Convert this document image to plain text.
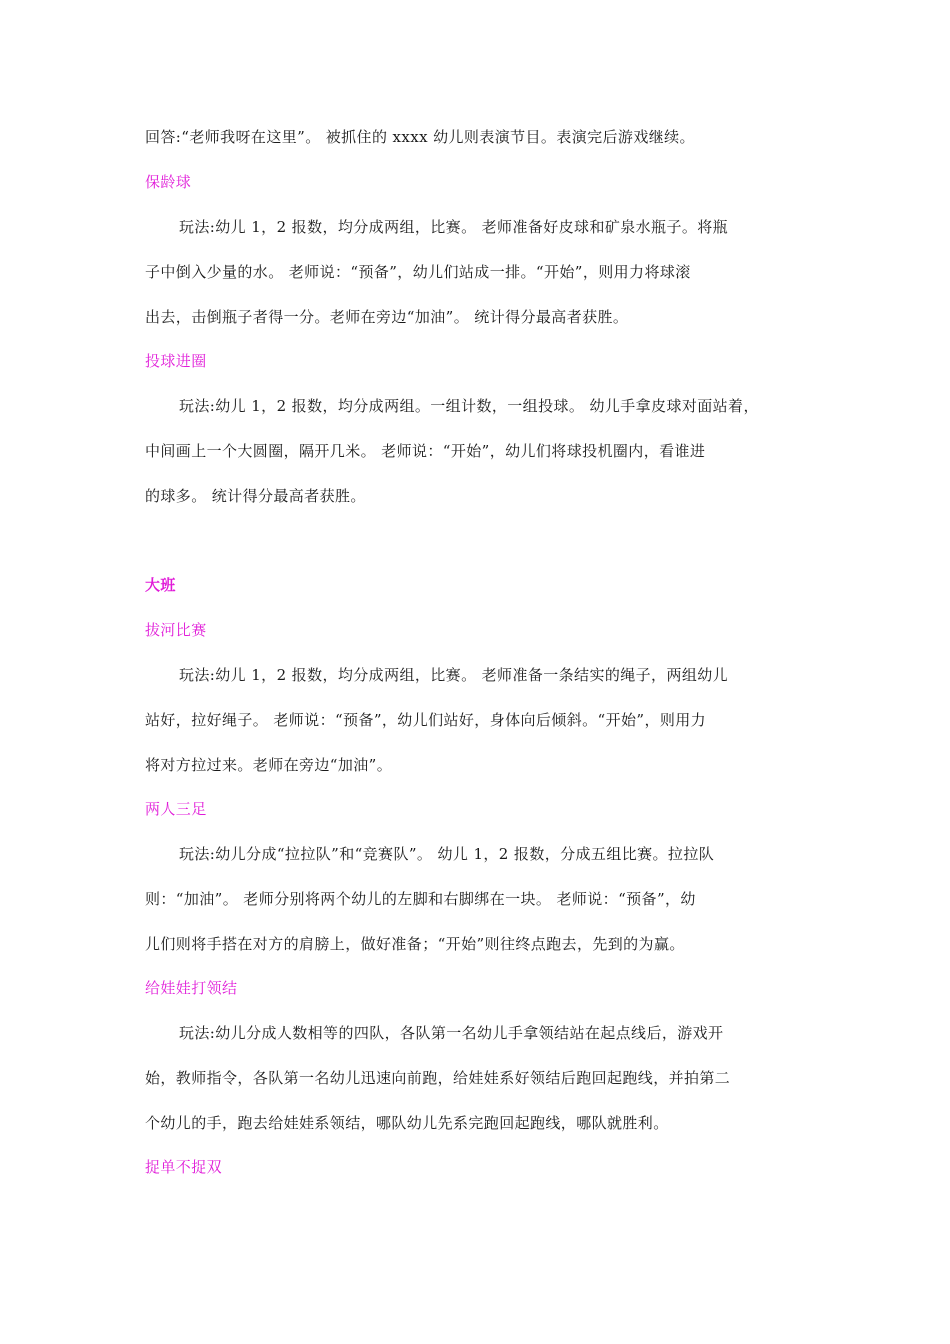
回答:“老师我呀在这里”。 被抓住的 xxxx 幼儿则表演节目。表演完后游戏继续。

保龄球

玩法:幼儿 1，2 报数，均分成两组，比赛。 老师准备好皮球和矿泉水瓶子。将瓶
子中倒入少量的水。 老师说：“预备”，幼儿们站成一排。“开始”，则用力将球滚
出去，击倒瓶子者得一分。老师在旁边“加油”。 统计得分最高者获胜。

投球进圈

玩法:幼儿 1，2 报数，均分成两组。一组计数，一组投球。 幼儿手拿皮球对面站着，
中间画上一个大圆圈，隔开几米。 老师说：“开始”，幼儿们将球投机圈内，看谁进
的球多。 统计得分最高者获胜。

大班

拔河比赛

玩法:幼儿 1，2 报数，均分成两组，比赛。 老师准备一条结实的绳子，两组幼儿
站好，拉好绳子。 老师说：“预备”，幼儿们站好，身体向后倾斜。“开始”，则用力
将对方拉过来。老师在旁边“加油”。

两人三足

玩法:幼儿分成“拉拉队”和“竞赛队”。 幼儿 1，2 报数，分成五组比赛。拉拉队
则：“加油”。 老师分别将两个幼儿的左脚和右脚绑在一块。 老师说：“预备”，幼
儿们则将手搭在对方的肩膀上，做好准备；“开始”则往终点跑去，先到的为赢。

给娃娃打领结

玩法:幼儿分成人数相等的四队，各队第一名幼儿手拿领结站在起点线后，游戏开
始，教师指令，各队第一名幼儿迅速向前跑，给娃娃系好领结后跑回起跑线，并拍第二
个幼儿的手，跑去给娃娃系领结，哪队幼儿先系完跑回起跑线，哪队就胜利。

捉单不捉双
